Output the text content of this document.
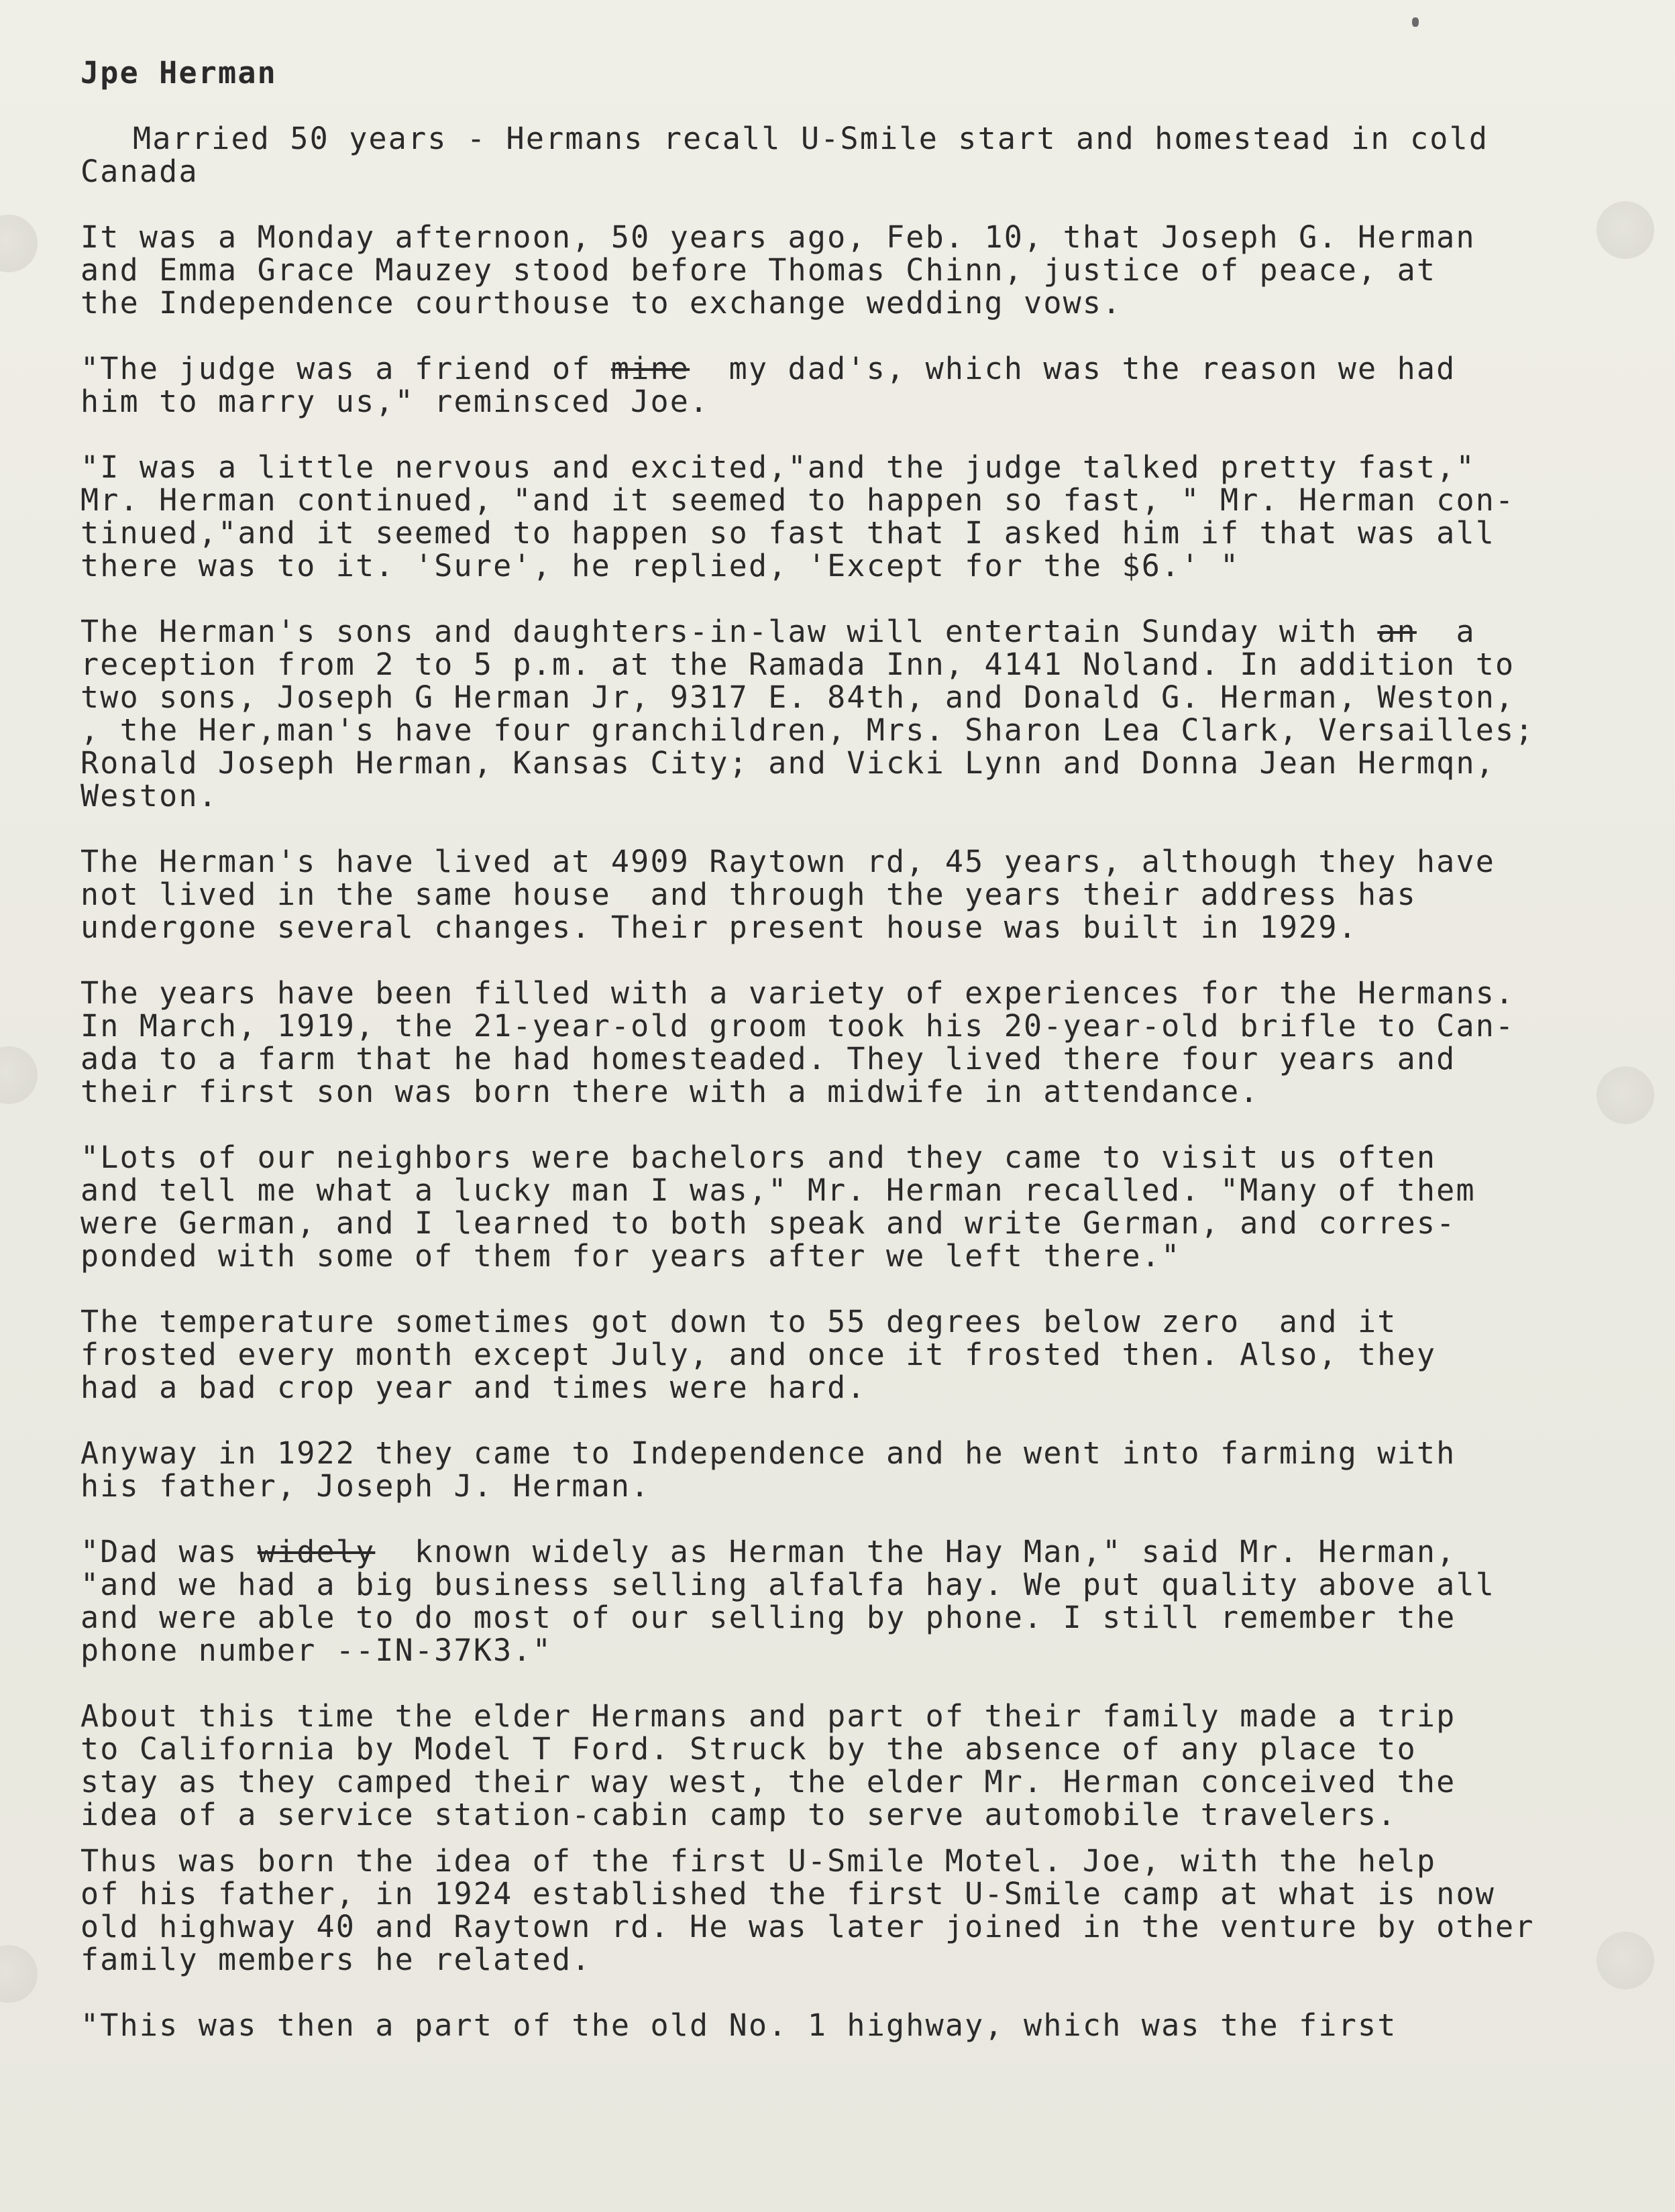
Jpe Herman

Married 50 years - Hermans recall U-Smile start and homestead in cold
Canada

It was a Monday afternoon, 50 years ago, Feb. 10, that Joseph G. Herman
and Emma Grace Mauzey stood before Thomas Chinn, justice of peace, at
the Independence courthouse to exchange wedding vows.

"The judge was a friend of mine  my dad's, which was the reason we had
him to marry us," reminsced Joe.

"I was a little nervous and excited,"and the judge talked pretty fast,"
Mr. Herman continued, "and it seemed to happen so fast, " Mr. Herman con-
tinued,"and it seemed to happen so fast that I asked him if that was all
there was to it. 'Sure', he replied, 'Except for the $6.' "

The Herman's sons and daughters-in-law will entertain Sunday with an  a
reception from 2 to 5 p.m. at the Ramada Inn, 4141 Noland. In addition to
two sons, Joseph G Herman Jr, 9317 E. 84th, and Donald G. Herman, Weston,
, the Her,man's have four granchildren, Mrs. Sharon Lea Clark, Versailles;
Ronald Joseph Herman, Kansas City; and Vicki Lynn and Donna Jean Hermqn,
Weston.

The Herman's have lived at 4909 Raytown rd, 45 years, although they have
not lived in the same house  and through the years their address has
undergone several changes. Their present house was built in 1929.

The years have been filled with a variety of experiences for the Hermans.
In March, 1919, the 21-year-old groom took his 20-year-old brifle to Can-
ada to a farm that he had homesteaded. They lived there four years and
their first son was born there with a midwife in attendance.

"Lots of our neighbors were bachelors and they came to visit us often
and tell me what a lucky man I was," Mr. Herman recalled. "Many of them
were German, and I learned to both speak and write German, and corres-
ponded with some of them for years after we left there."

The temperature sometimes got down to 55 degrees below zero  and it
frosted every month except July, and once it frosted then. Also, they
had a bad crop year and times were hard.

Anyway in 1922 they came to Independence and he went into farming with
his father, Joseph J. Herman.

"Dad was widely  known widely as Herman the Hay Man," said Mr. Herman,
"and we had a big business selling alfalfa hay. We put quality above all
and were able to do most of our selling by phone. I still remember the
phone number --IN-37K3."

About this time the elder Hermans and part of their family made a trip
to California by Model T Ford. Struck by the absence of any place to
stay as they camped their way west, the elder Mr. Herman conceived the
idea of a service station-cabin camp to serve automobile travelers.

Thus was born the idea of the first U-Smile Motel. Joe, with the help
of his father, in 1924 established the first U-Smile camp at what is now
old highway 40 and Raytown rd. He was later joined in the venture by other
family members he related.

"This was then a part of the old No. 1 highway, which was the first
